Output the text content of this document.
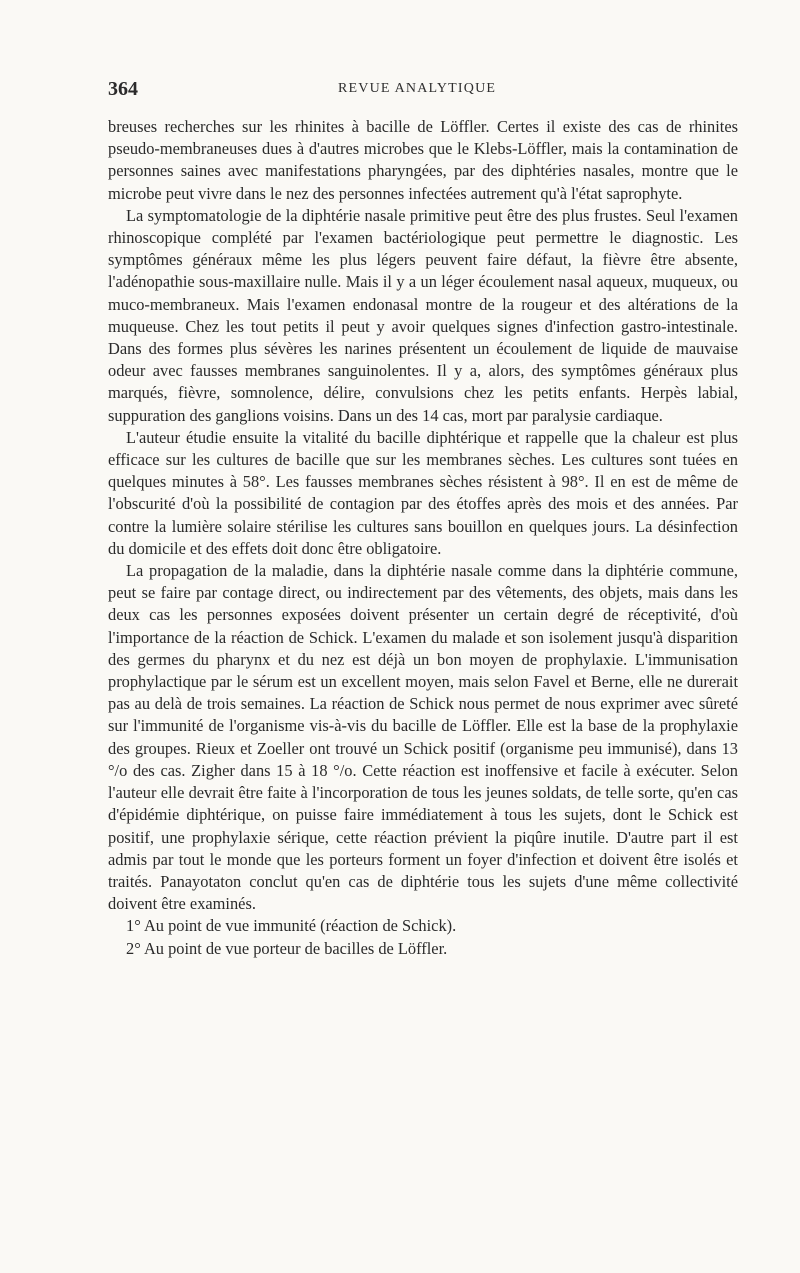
364	REVUE ANALYTIQUE

breuses recherches sur les rhinites à bacille de Löffler. Certes il existe des cas de rhinites pseudo-membraneuses dues à d'autres microbes que le Klebs-Löffler, mais la contamination de personnes saines avec manifestations pharyngées, par des diphtéries nasales, montre que le microbe peut vivre dans le nez des personnes infectées autrement qu'à l'état saprophyte.

La symptomatologie de la diphtérie nasale primitive peut être des plus frustes. Seul l'examen rhinoscopique complété par l'examen bactériologique peut permettre le diagnostic. Les symptômes généraux même les plus légers peuvent faire défaut, la fièvre être absente, l'adénopathie sous-maxillaire nulle. Mais il y a un léger écoulement nasal aqueux, muqueux, ou muco-membraneux. Mais l'examen endonasal montre de la rougeur et des altérations de la muqueuse. Chez les tout petits il peut y avoir quelques signes d'infection gastro-intestinale. Dans des formes plus sévères les narines présentent un écoulement de liquide de mauvaise odeur avec fausses membranes sanguinolentes. Il y a, alors, des symptômes généraux plus marqués, fièvre, somnolence, délire, convulsions chez les petits enfants. Herpès labial, suppuration des ganglions voisins. Dans un des 14 cas, mort par paralysie cardiaque.

L'auteur étudie ensuite la vitalité du bacille diphtérique et rappelle que la chaleur est plus efficace sur les cultures de bacille que sur les membranes sèches. Les cultures sont tuées en quelques minutes à 58°. Les fausses membranes sèches résistent à 98°. Il en est de même de l'obscurité d'où la possibilité de contagion par des étoffes après des mois et des années. Par contre la lumière solaire stérilise les cultures sans bouillon en quelques jours. La désinfection du domicile et des effets doit donc être obligatoire.

La propagation de la maladie, dans la diphtérie nasale comme dans la diphtérie commune, peut se faire par contage direct, ou indirectement par des vêtements, des objets, mais dans les deux cas les personnes exposées doivent présenter un certain degré de réceptivité, d'où l'importance de la réaction de Schick. L'examen du malade et son isolement jusqu'à disparition des germes du pharynx et du nez est déjà un bon moyen de prophylaxie. L'immunisation prophylactique par le sérum est un excellent moyen, mais selon Favel et Berne, elle ne durerait pas au delà de trois semaines. La réaction de Schick nous permet de nous exprimer avec sûreté sur l'immunité de l'organisme vis-à-vis du bacille de Löffler. Elle est la base de la prophylaxie des groupes. Rieux et Zoeller ont trouvé un Schick positif (organisme peu immunisé), dans 13 °/o des cas. Zigher dans 15 à 18 °/o. Cette réaction est inoffensive et facile à exécuter. Selon l'auteur elle devrait être faite à l'incorporation de tous les jeunes soldats, de telle sorte, qu'en cas d'épidémie diphtérique, on puisse faire immédiatement à tous les sujets, dont le Schick est positif, une prophylaxie sérique, cette réaction prévient la piqûre inutile. D'autre part il est admis par tout le monde que les porteurs forment un foyer d'infection et doivent être isolés et traités. Panayotaton conclut qu'en cas de diphtérie tous les sujets d'une même collectivité doivent être examinés.

1° Au point de vue immunité (réaction de Schick).

2° Au point de vue porteur de bacilles de Löffler.
